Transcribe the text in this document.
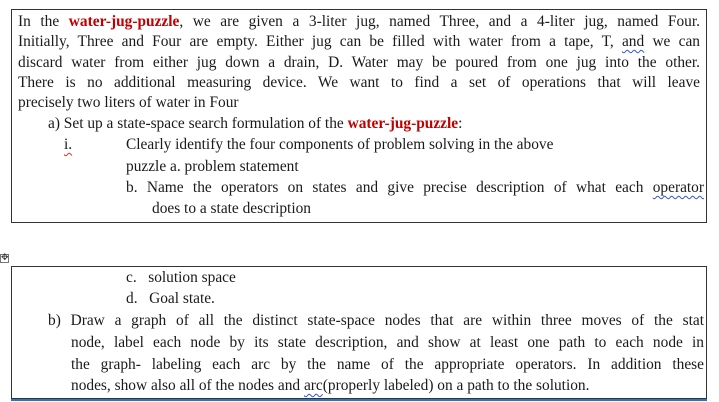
In the water-jug-puzzle, we are given a 3-liter jug, named Three, and a 4-liter jug, named Four.
Initially, Three and Four are empty. Either jug can be filled with water from a tape, T, and we can
discard water from either jug down a drain, D. Water may be poured from one jug into the other.
There is no additional measuring device. We want to find a set of operations that will leave
precisely two liters of water in Four
a) Set up a state-space search formulation of the water-jug-puzzle:
i.	Clearly identify the four components of problem solving in the above
puzzle a. problem statement
b. Name the operators on states and give precise description of what each operator
does to a state description
✥
c.   solution space
d.   Goal state.
b) Draw a graph of all the distinct state-space nodes that are within three moves of the stat
node, label each node by its state description, and show at least one path to each node in
the graph- labeling each arc by the name of the appropriate operators. In addition these
nodes, show also all of the nodes and arc(properly labeled) on a path to the solution.
